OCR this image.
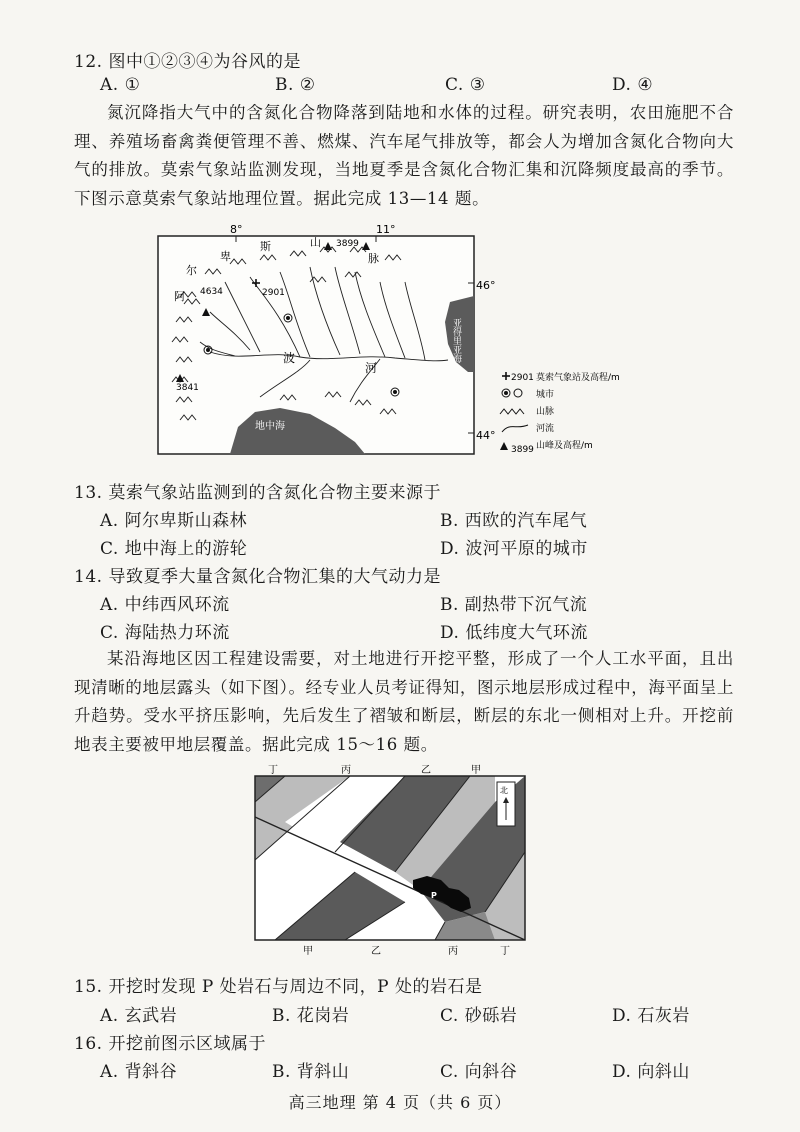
12. 图中①②③④为谷风的是
A. ①	B. ②	C. ③	D. ④

氮沉降指大气中的含氮化合物降落到陆地和水体的过程。研究表明，农田施肥不合理、养殖场畜禽粪便管理不善、燃煤、汽车尾气排放等，都会人为增加含氮化合物向大气的排放。莫索气象站监测发现，当地夏季是含氮化合物汇集和沉降频度最高的季节。下图示意莫索气象站地理位置。据此完成 13—14 题。

8°	11°
46°
44°
地中海
亚得里亚海
阿
尔
卑
斯	山
脉
波
河
4634
3899
3841
2901
2901 莫索气象站及高程/m
城市
山脉
河流
3899 山峰及高程/m
13. 莫索气象站监测到的含氮化合物主要来源于
A. 阿尔卑斯山森林	B. 西欧的汽车尾气
C. 地中海上的游轮	D. 波河平原的城市
14. 导致夏季大量含氮化合物汇集的大气动力是
A. 中纬西风环流	B. 副热带下沉气流
C. 海陆热力环流	D. 低纬度大气环流

某沿海地区因工程建设需要，对土地进行开挖平整，形成了一个人工水平面，且出现清晰的地层露头（如下图）。经专业人员考证得知，图示地层形成过程中，海平面呈上升趋势。受水平挤压影响，先后发生了褶皱和断层，断层的东北一侧相对上升。开挖前地表主要被甲地层覆盖。据此完成 15～16 题。

丁	丙	乙	甲
P
北
甲	乙	丙	丁
15. 开挖时发现 P 处岩石与周边不同，P 处的岩石是
A. 玄武岩	B. 花岗岩	C. 砂砾岩	D. 石灰岩
16. 开挖前图示区域属于
A. 背斜谷	B. 背斜山	C. 向斜谷	D. 向斜山
高三地理 第 4 页（共 6 页）
